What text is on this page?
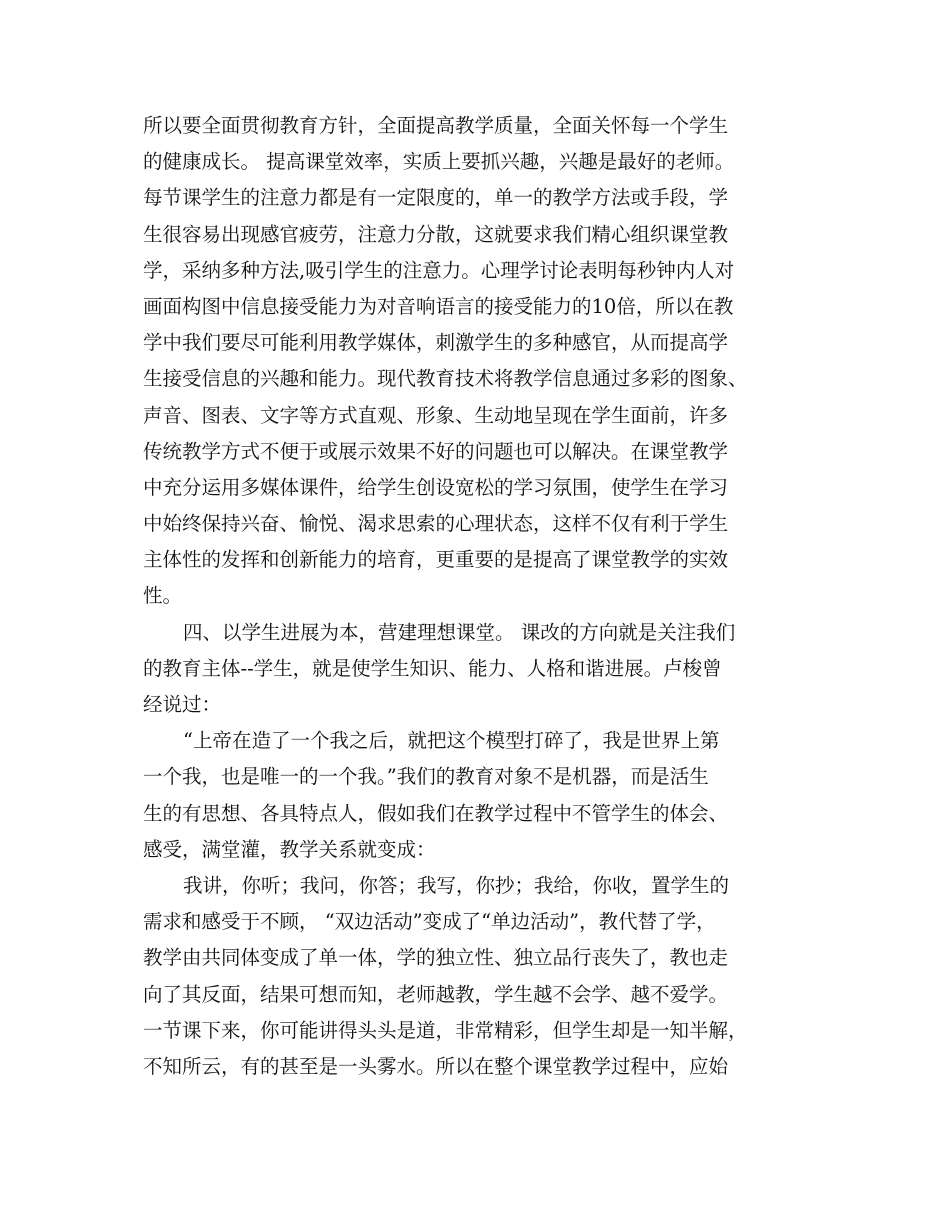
所以要全面贯彻教育方针，全面提高教学质量，全面关怀每一个学生
的健康成长。 提高课堂效率，实质上要抓兴趣，兴趣是最好的老师。
每节课学生的注意力都是有一定限度的，单一的教学方法或手段，学
生很容易出现感官疲劳，注意力分散，这就要求我们精心组织课堂教
学，采纳多种方法,吸引学生的注意力。心理学讨论表明每秒钟内人对
画面构图中信息接受能力为对音响语言的接受能力的10倍，所以在教
学中我们要尽可能利用教学媒体，刺激学生的多种感官，从而提高学
生接受信息的兴趣和能力。现代教育技术将教学信息通过多彩的图象、
声音、图表、文字等方式直观、形象、生动地呈现在学生面前，许多
传统教学方式不便于或展示效果不好的问题也可以解决。在课堂教学
中充分运用多媒体课件，给学生创设宽松的学习氛围，使学生在学习
中始终保持兴奋、愉悦、渴求思索的心理状态，这样不仅有利于学生
主体性的发挥和创新能力的培育，更重要的是提高了课堂教学的实效
性。
四、以学生进展为本，营建理想课堂。 课改的方向就是关注我们
的教育主体--学生，就是使学生知识、能力、人格和谐进展。卢梭曾
经说过：
“上帝在造了一个我之后，就把这个模型打碎了，我是世界上第
一个我，也是唯一的一个我。”我们的教育对象不是机器，而是活生
生的有思想、各具特点人，假如我们在教学过程中不管学生的体会、
感受，满堂灌，教学关系就变成：
我讲，你听；我问，你答；我写，你抄；我给，你收，置学生的
需求和感受于不顾， “双边活动”变成了“单边活动”，教代替了学，
教学由共同体变成了单一体，学的独立性、独立品行丧失了，教也走
向了其反面，结果可想而知，老师越教，学生越不会学、越不爱学。
一节课下来，你可能讲得头头是道，非常精彩，但学生却是一知半解，
不知所云，有的甚至是一头雾水。所以在整个课堂教学过程中，应始
